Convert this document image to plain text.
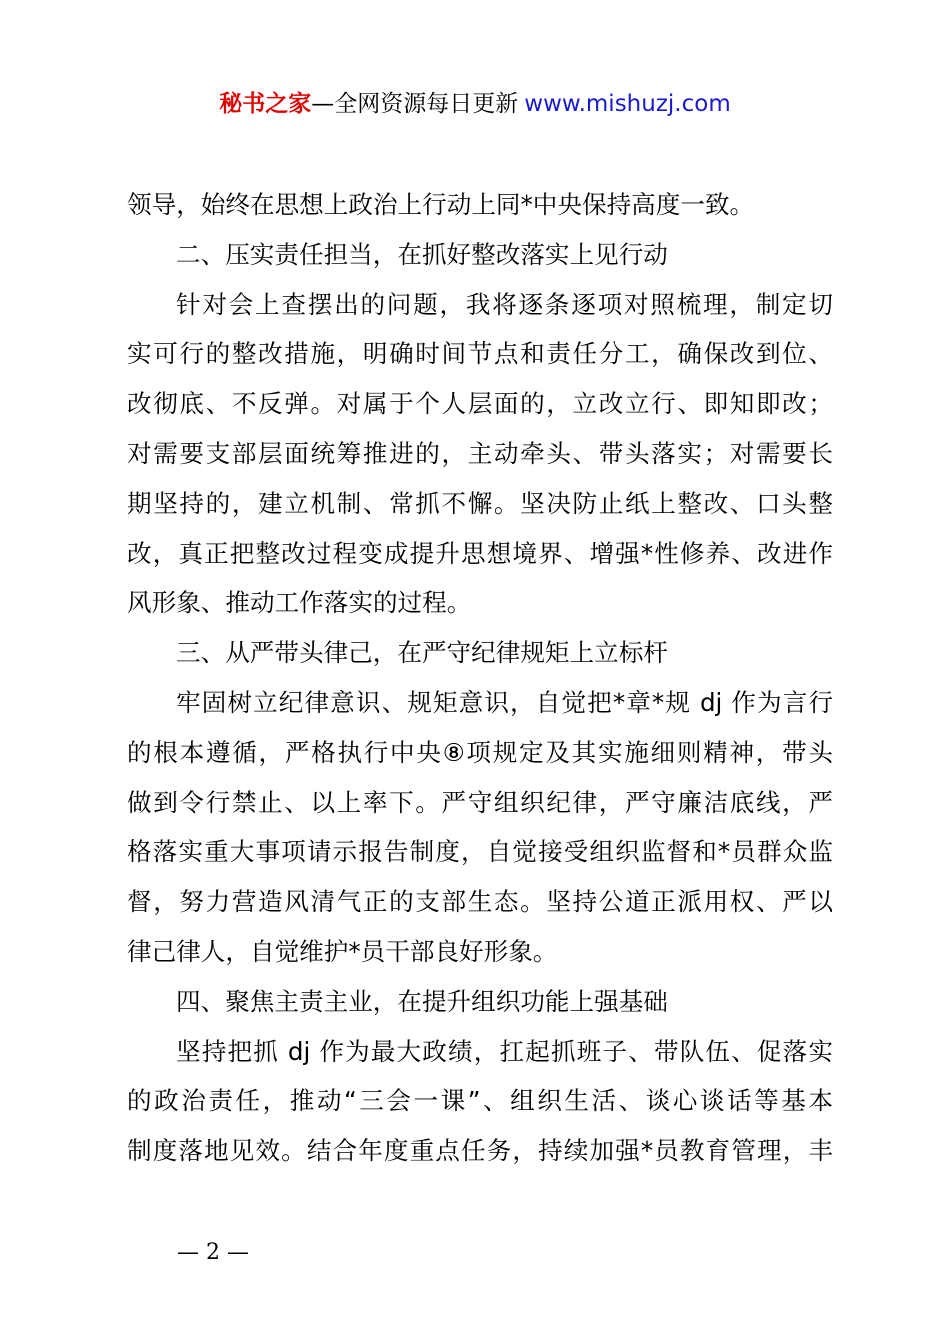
秘书之家—全网资源每日更新 www.mishuzj.com
领导，始终在思想上政治上行动上同*中央保持高度一致。
二、压实责任担当，在抓好整改落实上见行动
针对会上查摆出的问题，我将逐条逐项对照梳理，制定切
实可行的整改措施，明确时间节点和责任分工，确保改到位、
改彻底、不反弹。对属于个人层面的，立改立行、即知即改；
对需要支部层面统筹推进的，主动牵头、带头落实；对需要长
期坚持的，建立机制、常抓不懈。坚决防止纸上整改、口头整
改，真正把整改过程变成提升思想境界、增强*性修养、改进作
风形象、推动工作落实的过程。
三、从严带头律己，在严守纪律规矩上立标杆
牢固树立纪律意识、规矩意识，自觉把*章*规 dj 作为言行
的根本遵循，严格执行中央⑧项规定及其实施细则精神，带头
做到令行禁止、以上率下。严守组织纪律，严守廉洁底线，严
格落实重大事项请示报告制度，自觉接受组织监督和*员群众监
督，努力营造风清气正的支部生态。坚持公道正派用权、严以
律己律人，自觉维护*员干部良好形象。
四、聚焦主责主业，在提升组织功能上强基础
坚持把抓 dj 作为最大政绩，扛起抓班子、带队伍、促落实
的政治责任，推动“三会一课”、组织生活、谈心谈话等基本
制度落地见效。结合年度重点任务，持续加强*员教育管理，丰
— 2 —
